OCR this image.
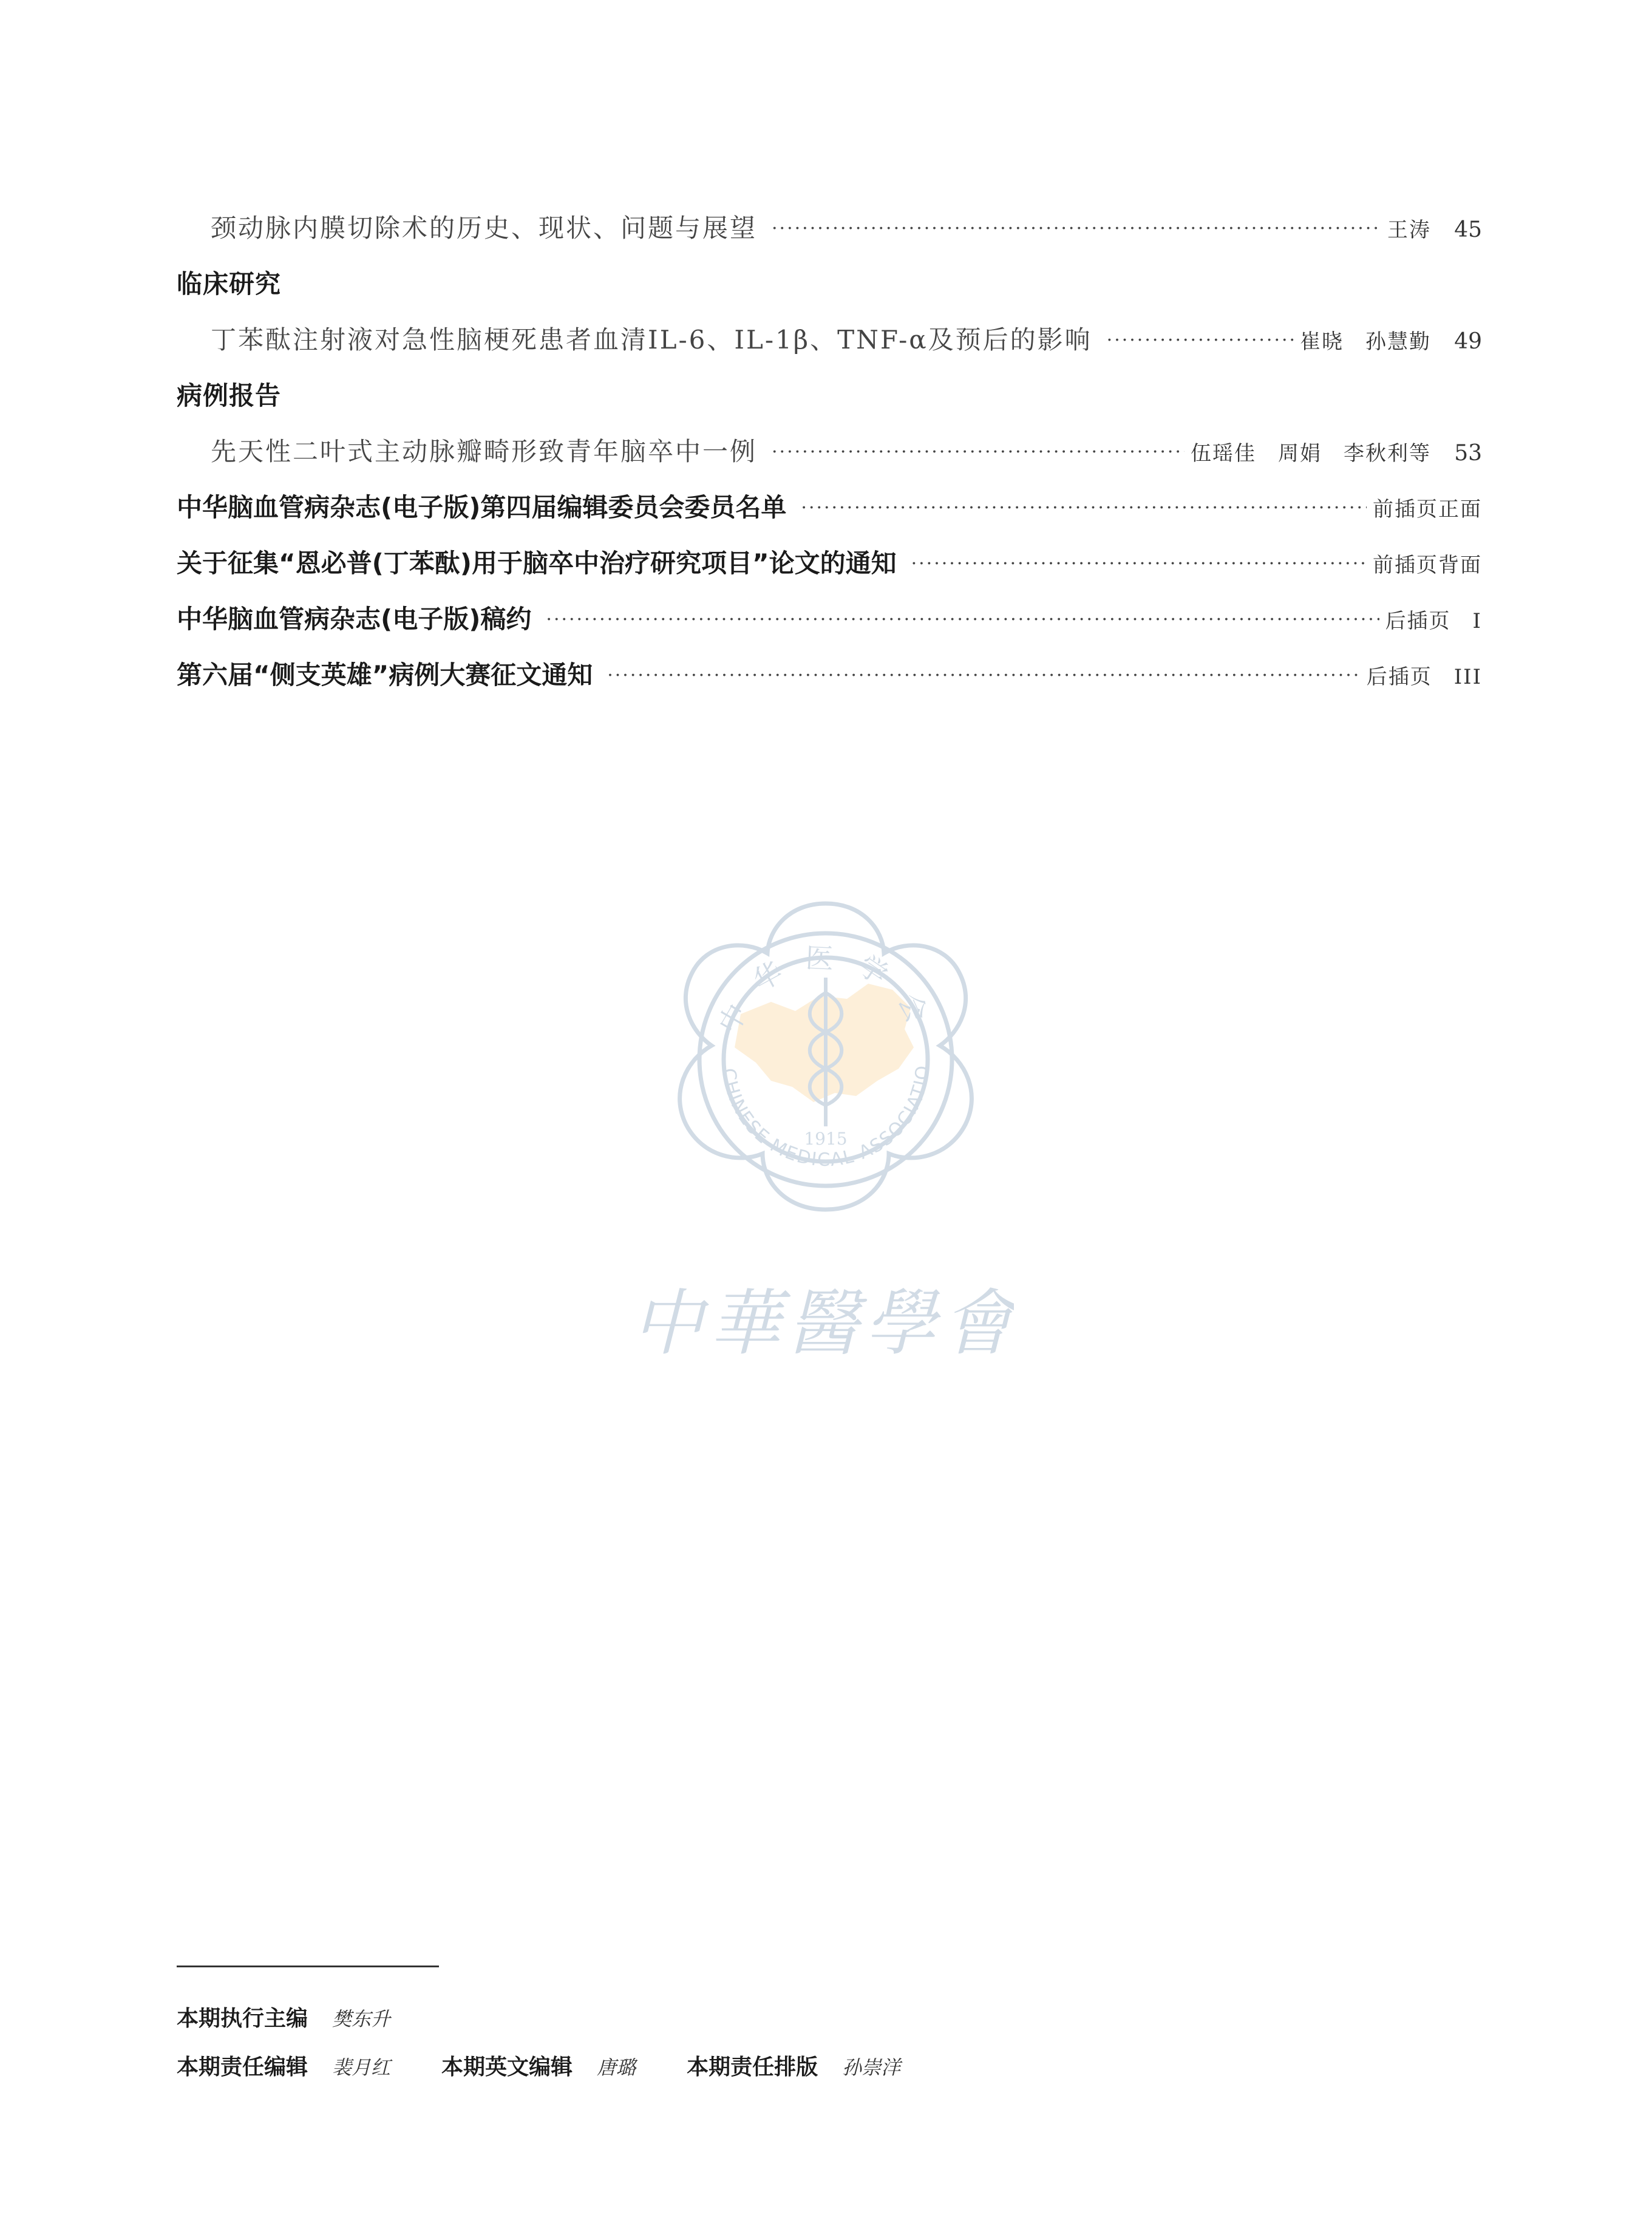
颈动脉内膜切除术的历史、现状、问题与展望 ·····	王涛	45
临床研究
丁苯酞注射液对急性脑梗死患者血清IL-6、IL-1β、TNF-α及预后的影响 ·····	崔晓　孙慧勤	49
病例报告
先天性二叶式主动脉瓣畸形致青年脑卒中一例 ·····	伍瑶佳　周娟　李秋利等	53
中华脑血管病杂志(电子版)第四届编辑委员会委员名单 ·····	前插页正面
关于征集“恩必普(丁苯酞)用于脑卒中治疗研究项目”论文的通知 ·····	前插页背面
中华脑血管病杂志(电子版)稿约 ·····	后插页　I
第六届“侧支英雄”病例大赛征文通知 ·····	后插页　III
1915
中华医学会
CHINESE MEDICAL ASSOCIATIO
中華醫學會
本期执行主编 樊东升
本期责任编辑 裴月红 本期英文编辑 唐璐 本期责任排版 孙崇洋
